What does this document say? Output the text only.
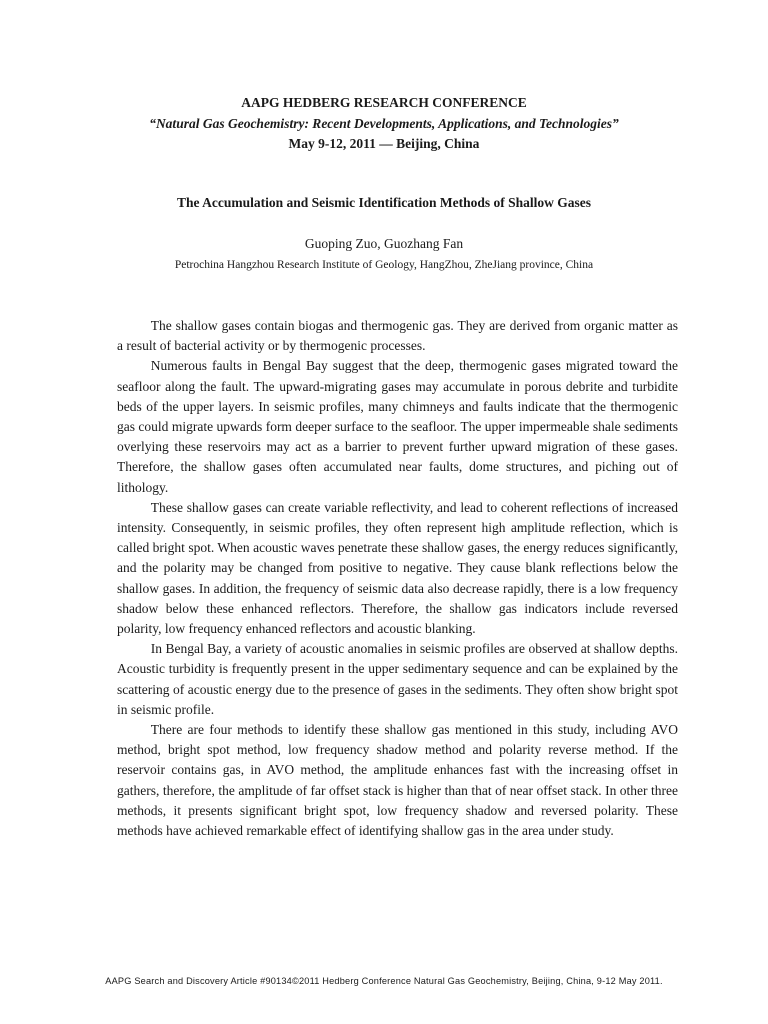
AAPG HEDBERG RESEARCH CONFERENCE
“Natural Gas Geochemistry: Recent Developments, Applications, and Technologies”
May 9-12, 2011 — Beijing, China
The Accumulation and Seismic Identification Methods of Shallow Gases
Guoping Zuo, Guozhang Fan
Petrochina Hangzhou Research Institute of Geology, HangZhou, ZheJiang province, China

The shallow gases contain biogas and thermogenic gas. They are derived from organic matter as a result of bacterial activity or by thermogenic processes.

Numerous faults in Bengal Bay suggest that the deep, thermogenic gases migrated toward the seafloor along the fault. The upward-migrating gases may accumulate in porous debrite and turbidite beds of the upper layers. In seismic profiles, many chimneys and faults indicate that the thermogenic gas could migrate upwards form deeper surface to the seafloor. The upper impermeable shale sediments overlying these reservoirs may act as a barrier to prevent further upward migration of these gases. Therefore, the shallow gases often accumulated near faults, dome structures, and piching out of lithology.

These shallow gases can create variable reflectivity, and lead to coherent reflections of increased intensity. Consequently, in seismic profiles, they often represent high amplitude reflection, which is called bright spot. When acoustic waves penetrate these shallow gases, the energy reduces significantly, and the polarity may be changed from positive to negative. They cause blank reflections below the shallow gases. In addition, the frequency of seismic data also decrease rapidly, there is a low frequency shadow below these enhanced reflectors. Therefore, the shallow gas indicators include reversed polarity, low frequency enhanced reflectors and acoustic blanking.

In Bengal Bay, a variety of acoustic anomalies in seismic profiles are observed at shallow depths. Acoustic turbidity is frequently present in the upper sedimentary sequence and can be explained by the scattering of acoustic energy due to the presence of gases in the sediments. They often show bright spot in seismic profile.

There are four methods to identify these shallow gas mentioned in this study, including AVO method, bright spot method, low frequency shadow method and polarity reverse method. If the reservoir contains gas, in AVO method, the amplitude enhances fast with the increasing offset in gathers, therefore, the amplitude of far offset stack is higher than that of near offset stack. In other three methods, it presents significant bright spot, low frequency shadow and reversed polarity. These methods have achieved remarkable effect of identifying shallow gas in the area under study.

AAPG Search and Discovery Article #90134©2011 Hedberg Conference Natural Gas Geochemistry, Beijing, China, 9-12 May 2011.
